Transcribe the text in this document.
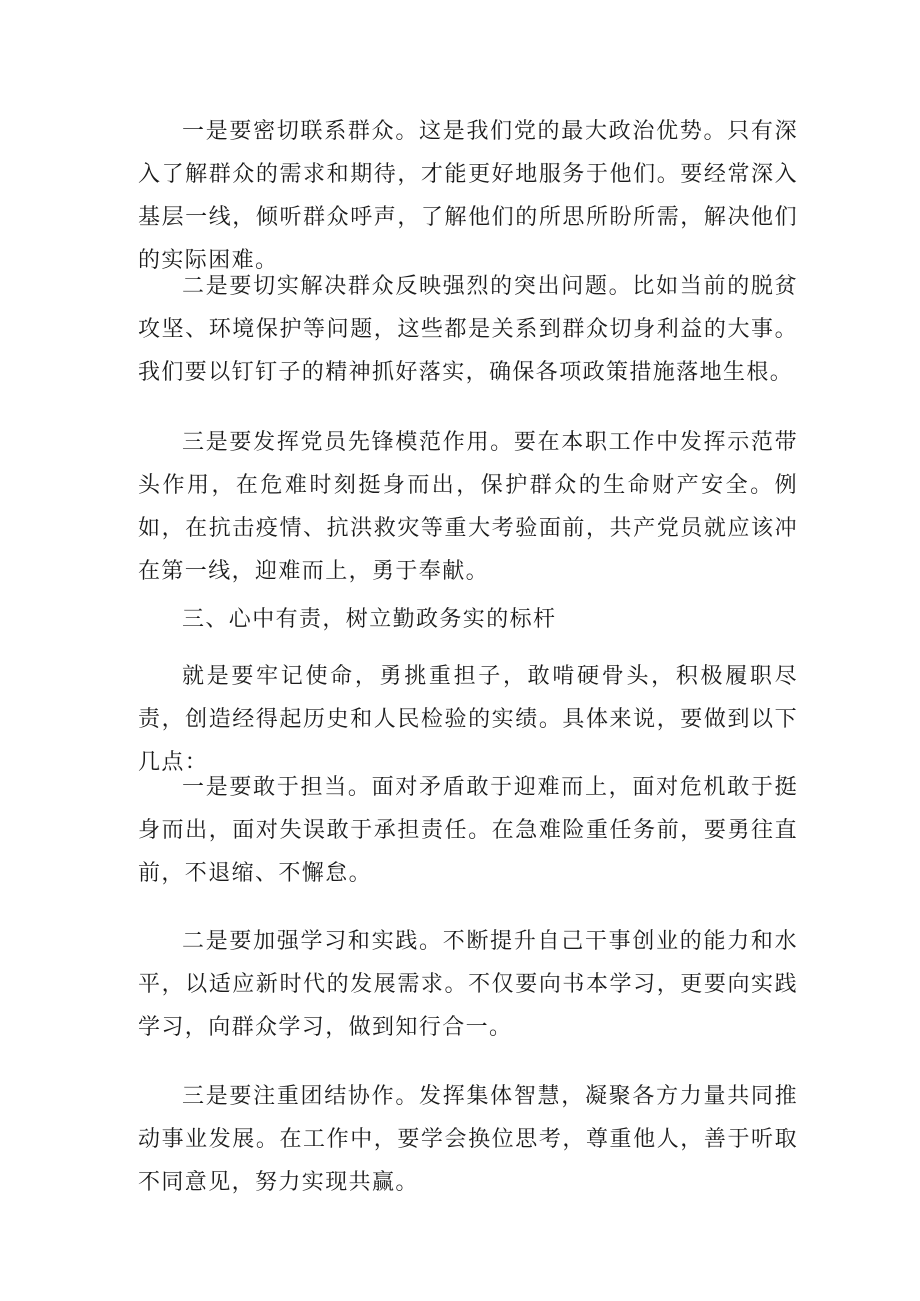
一是要密切联系群众。这是我们党的最大政治优势。只有深入了解群众的需求和期待，才能更好地服务于他们。要经常深入基层一线，倾听群众呼声，了解他们的所思所盼所需，解决他们的实际困难。

二是要切实解决群众反映强烈的突出问题。比如当前的脱贫攻坚、环境保护等问题，这些都是关系到群众切身利益的大事。我们要以钉钉子的精神抓好落实，确保各项政策措施落地生根。

三是要发挥党员先锋模范作用。要在本职工作中发挥示范带头作用，在危难时刻挺身而出，保护群众的生命财产安全。例如，在抗击疫情、抗洪救灾等重大考验面前，共产党员就应该冲在第一线，迎难而上，勇于奉献。

三、心中有责，树立勤政务实的标杆

就是要牢记使命，勇挑重担子，敢啃硬骨头，积极履职尽责，创造经得起历史和人民检验的实绩。具体来说，要做到以下几点：

一是要敢于担当。面对矛盾敢于迎难而上，面对危机敢于挺身而出，面对失误敢于承担责任。在急难险重任务前，要勇往直前，不退缩、不懈怠。

二是要加强学习和实践。不断提升自己干事创业的能力和水平，以适应新时代的发展需求。不仅要向书本学习，更要向实践学习，向群众学习，做到知行合一。

三是要注重团结协作。发挥集体智慧，凝聚各方力量共同推动事业发展。在工作中，要学会换位思考，尊重他人，善于听取不同意见，努力实现共赢。
